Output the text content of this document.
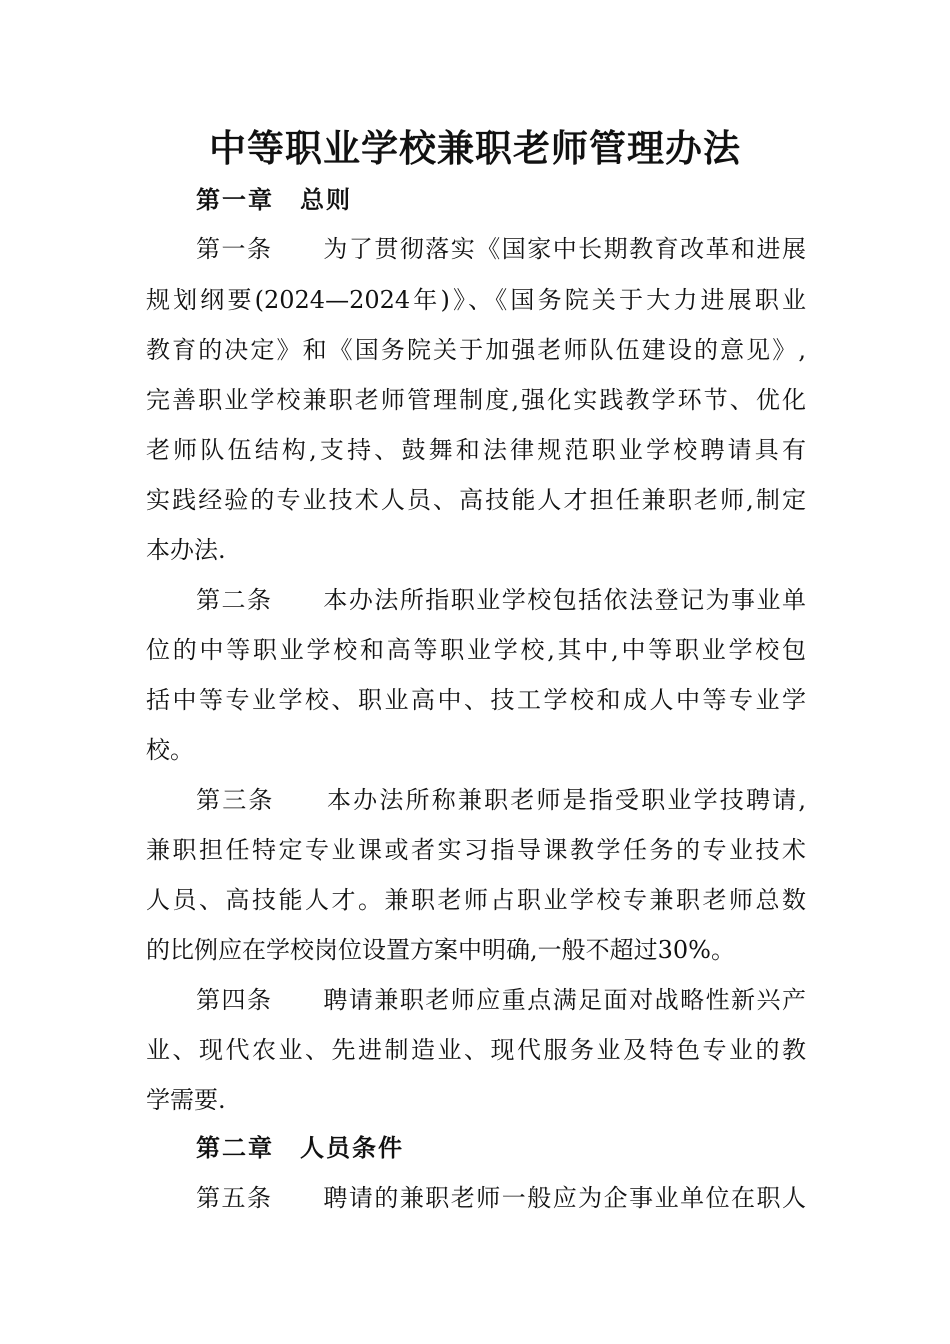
中等职业学校兼职老师管理办法

第一章 总则

第一条　　为了贯彻落实《国家中长期教育改革和进展

规划纲要(2024—2024年)》、《国务院关于大力进展职业

教育的决定》和《国务院关于加强老师队伍建设的意见》,

完善职业学校兼职老师管理制度,强化实践教学环节、优化

老师队伍结构,支持、鼓舞和法律规范职业学校聘请具有

实践经验的专业技术人员、高技能人才担任兼职老师,制定

本办法.

第二条　　本办法所指职业学校包括依法登记为事业单

位的中等职业学校和高等职业学校,其中,中等职业学校包

括中等专业学校、职业高中、技工学校和成人中等专业学

校。

第三条　　本办法所称兼职老师是指受职业学技聘请,

兼职担任特定专业课或者实习指导课教学任务的专业技术

人员、高技能人才。兼职老师占职业学校专兼职老师总数

的比例应在学校岗位设置方案中明确,一般不超过30%。

第四条　　聘请兼职老师应重点满足面对战略性新兴产

业、现代农业、先进制造业、现代服务业及特色专业的教

学需要.

第二章 人员条件

第五条　　聘请的兼职老师一般应为企事业单位在职人
